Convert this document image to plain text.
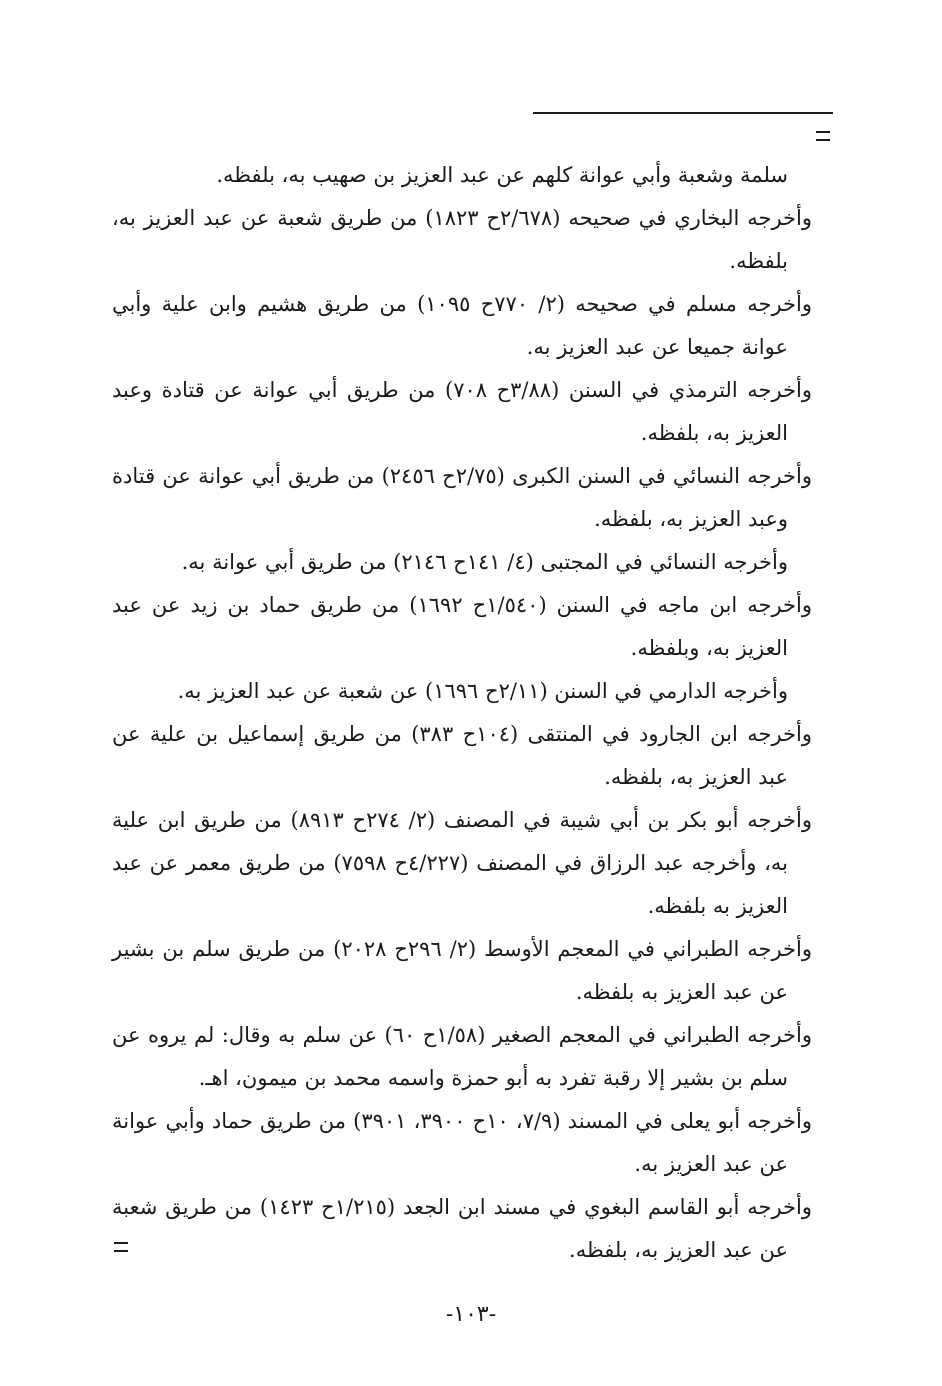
سلمة وشعبة وأبي عوانة كلهم عن عبد العزيز بن صهيب به، بلفظه.

وأخرجه البخاري في صحيحه (٢/٦٧٨ح ١٨٢٣) من طريق شعبة عن عبد العزيز به، بلفظه.

وأخرجه مسلم في صحيحه (٢/ ٧٧٠ح ١٠٩٥) من طريق هشيم وابن علية وأبي عوانة جميعا عن عبد العزيز به.

وأخرجه الترمذي في السنن (٣/٨٨ح ٧٠٨) من طريق أبي عوانة عن قتادة وعبد العزيز به، بلفظه.

وأخرجه النسائي في السنن الكبرى (٢/٧٥ح ٢٤٥٦) من طريق أبي عوانة عن قتادة وعبد العزيز به، بلفظه.

وأخرجه النسائي في المجتبى (٤/ ١٤١ح ٢١٤٦) من طريق أبي عوانة به.

وأخرجه ابن ماجه في السنن (١/٥٤٠ح ١٦٩٢) من طريق حماد بن زيد عن عبد العزيز به، وبلفظه.

وأخرجه الدارمي في السنن (٢/١١ح ١٦٩٦) عن شعبة عن عبد العزيز به.

وأخرجه ابن الجارود في المنتقى (١٠٤ح ٣٨٣) من طريق إسماعيل بن علية عن عبد العزيز به، بلفظه.

وأخرجه أبو بكر بن أبي شيبة في المصنف (٢/ ٢٧٤ح ٨٩١٣) من طريق ابن علية به، وأخرجه عبد الرزاق في المصنف (٤/٢٢٧ح ٧٥٩٨) من طريق معمر عن عبد العزيز به بلفظه.

وأخرجه الطبراني في المعجم الأوسط (٢/ ٢٩٦ح ٢٠٢٨) من طريق سلم بن بشير عن عبد العزيز به بلفظه.

وأخرجه الطبراني في المعجم الصغير (١/٥٨ح ٦٠) عن سلم به وقال: لم يروه عن سلم بن بشير إلا رقبة تفرد به أبو حمزة واسمه محمد بن ميمون، اهـ.

وأخرجه أبو يعلى في المسند (٧/٩، ١٠ح ٣٩٠٠، ٣٩٠١) من طريق حماد وأبي عوانة عن عبد العزيز به.

وأخرجه أبو القاسم البغوي في مسند ابن الجعد (١/٢١٥ح ١٤٢٣) من طريق شعبة عن عبد العزيز به، بلفظه.

-١٠٣-
